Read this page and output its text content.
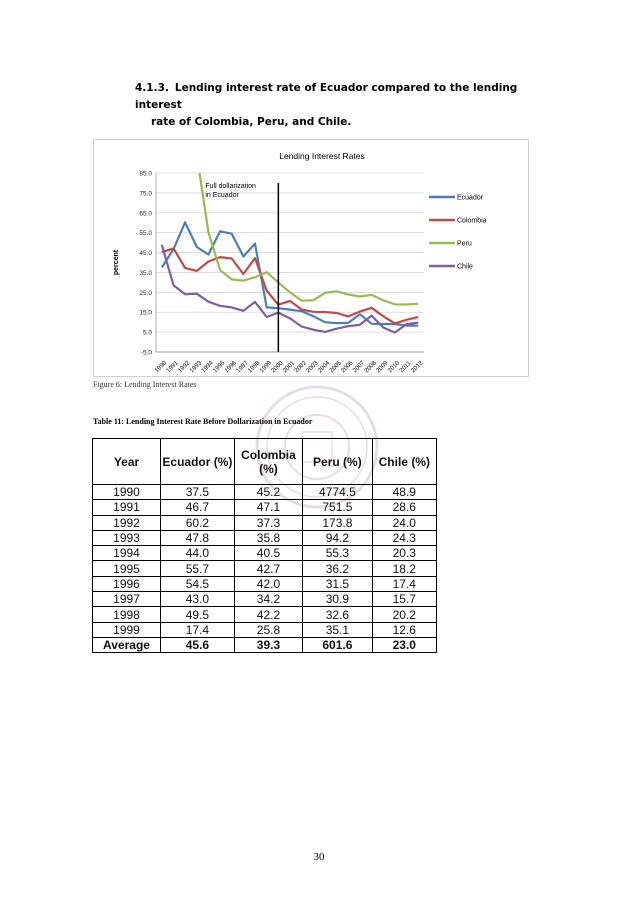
4.1.3. Lending interest rate of Ecuador compared to the lending interest
rate of Colombia, Peru, and Chile.
Lending Interest Rates
85.0
75.0
65.0
55.0
45.0
35.0
25.0
15.0
5.0
-5.0
percent
1990
1991
1992
1993
1994
1995
1996
1997
1998
1999
2000
2001
2002
2003
2004
2005
2006
2007
2008
2009
2010
2011
2012
Full dollarization
in Ecuador	Ecuador
Colombia
Peru
Chile
Figure 6: Lending Interest Rates
Table 11: Lending Interest Rate Before Dollarization in Ecuador
Year	Ecuador (%)	Colombia (%)	Peru (%)	Chile (%)
1990	37.5	45.2	4774.5	48.9
1991	46.7	47.1	751.5	28.6
1992	60.2	37.3	173.8	24.0
1993	47.8	35.8	94.2	24.3
1994	44.0	40.5	55.3	20.3
1995	55.7	42.7	36.2	18.2
1996	54.5	42.0	31.5	17.4
1997	43.0	34.2	30.9	15.7
1998	49.5	42.2	32.6	20.2
1999	17.4	25.8	35.1	12.6
Average	45.6	39.3	601.6	23.0
30
